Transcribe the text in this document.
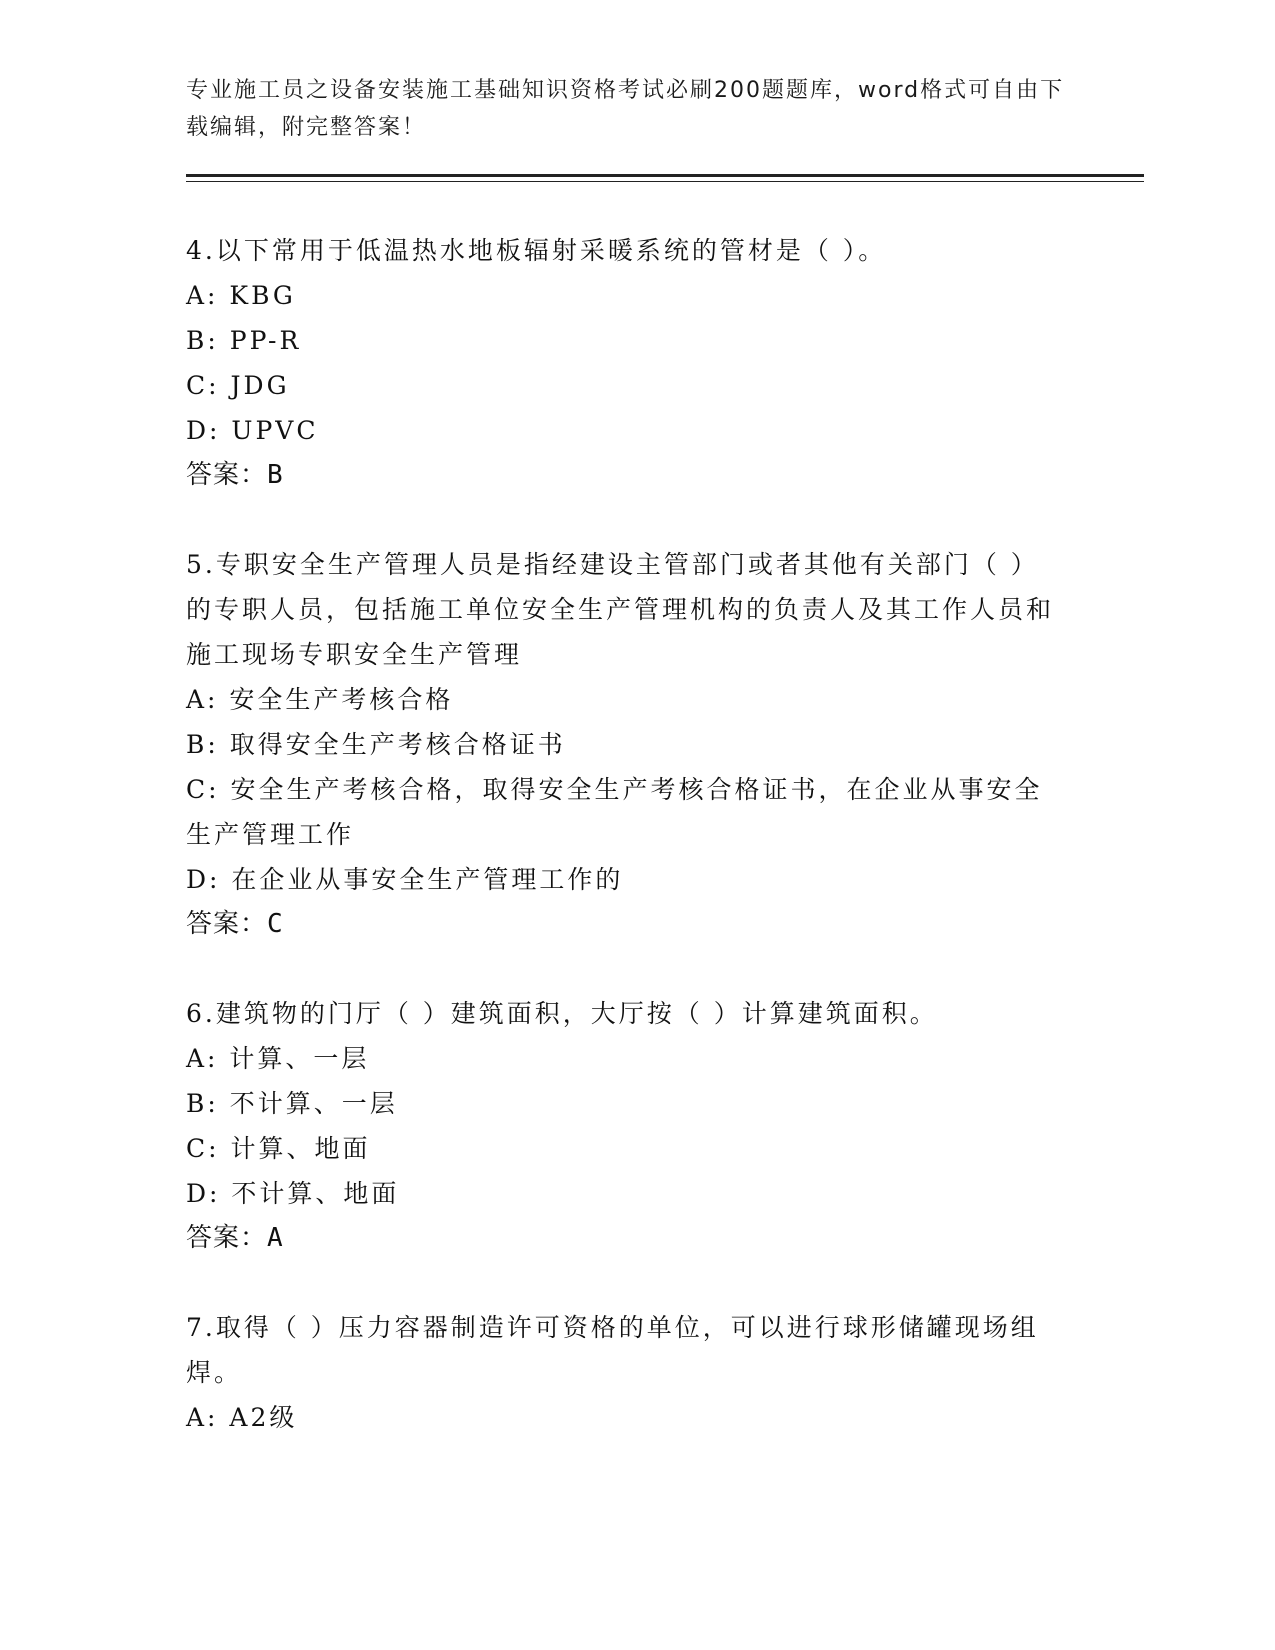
专业施工员之设备安装施工基础知识资格考试必刷200题题库，word格式可自由下载编辑，附完整答案！

4.以下常用于低温热水地板辐射采暖系统的管材是（ ）。

A: KBG

B: PP-R

C: JDG

D: UPVC

答案：B

5.专职安全生产管理人员是指经建设主管部门或者其他有关部门（ ）的专职人员，包括施工单位安全生产管理机构的负责人及其工作人员和施工现场专职安全生产管理

A: 安全生产考核合格

B: 取得安全生产考核合格证书

C: 安全生产考核合格，取得安全生产考核合格证书，在企业从事安全生产管理工作

D: 在企业从事安全生产管理工作的

答案：C

6.建筑物的门厅（ ）建筑面积，大厅按（ ）计算建筑面积。

A: 计算、一层

B: 不计算、一层

C: 计算、地面

D: 不计算、地面

答案：A

7.取得（ ）压力容器制造许可资格的单位，可以进行球形储罐现场组焊。

A: A2级
